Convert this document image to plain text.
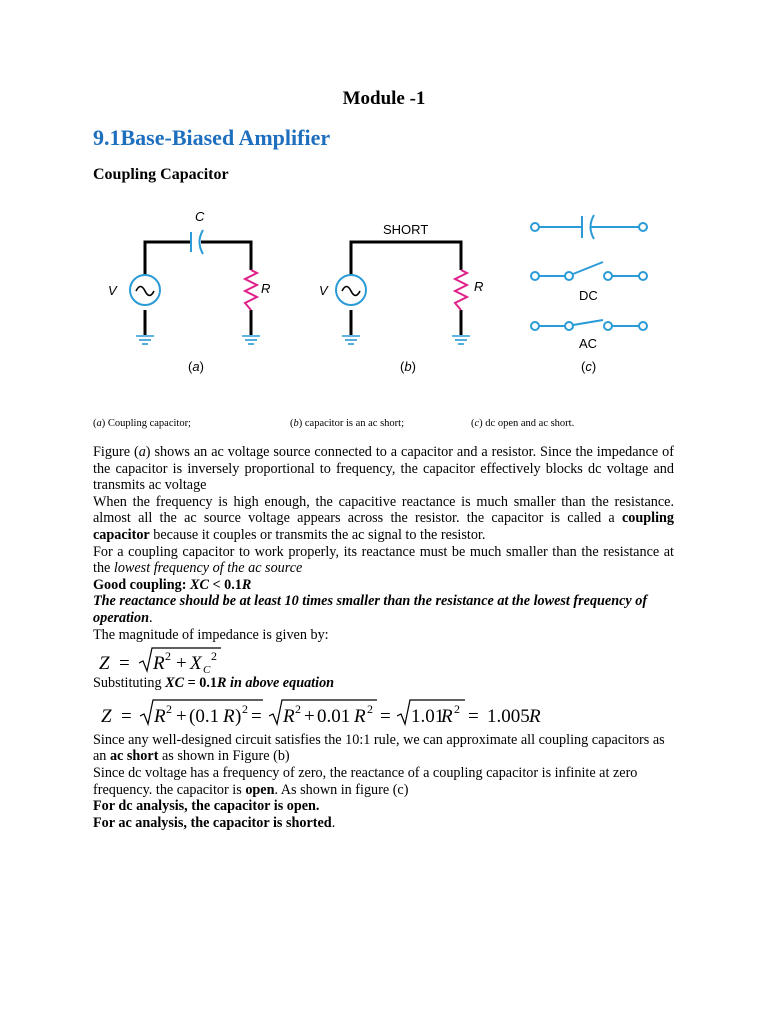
Module -1
9.1Base-Biased Amplifier
Coupling Capacitor
C
V	R
(a)
SHORT
V	R
(b)
DC
AC
(c)
(a) Coupling capacitor;	(b) capacitor is an ac short;	(c) dc open and ac short.

Figure (a) shows an ac voltage source connected to a capacitor and a resistor. Since the impedance of the capacitor is inversely proportional to frequency, the capacitor effectively blocks dc voltage and transmits ac voltage

When the frequency is high enough, the capacitive reactance is much smaller than the resistance. almost all the ac source voltage appears across the resistor. the capacitor is called a coupling capacitor because it couples or transmits the ac signal to the resistor.

For a coupling capacitor to work properly, its reactance must be much smaller than the resistance at the lowest frequency of the ac source

Good coupling: XC < 0.1R

The reactance should be at least 10 times smaller than the resistance at the lowest frequency of operation.

The magnitude of impedance is given by:

Z = R 2 + X C
2

Substituting XC = 0.1R in above equation

Z = R 2 + (0.1 R ) 2 = R 2 + 0.01 R 2 = 1.01
R 2 = 1.005 R

Since any well-designed circuit satisfies the 10:1 rule, we can approximate all coupling capacitors as an ac short as shown in Figure (b)

Since dc voltage has a frequency of zero, the reactance of a coupling capacitor is infinite at zero frequency. the capacitor is open. As shown in figure (c)

For dc analysis, the capacitor is open.

For ac analysis, the capacitor is shorted.
